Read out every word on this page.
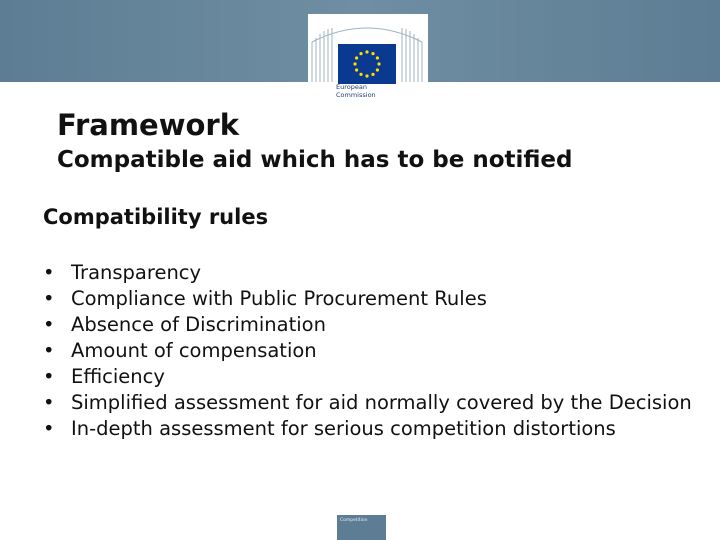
European
Commission
Framework
Compatible aid which has to be notified
Compatibility rules
• Transparency
• Compliance with Public Procurement Rules
• Absence of Discrimination
• Amount of compensation
• Efficiency
• Simplified assessment for aid normally covered by the Decision
• In-depth assessment for serious competition distortions
Competition
